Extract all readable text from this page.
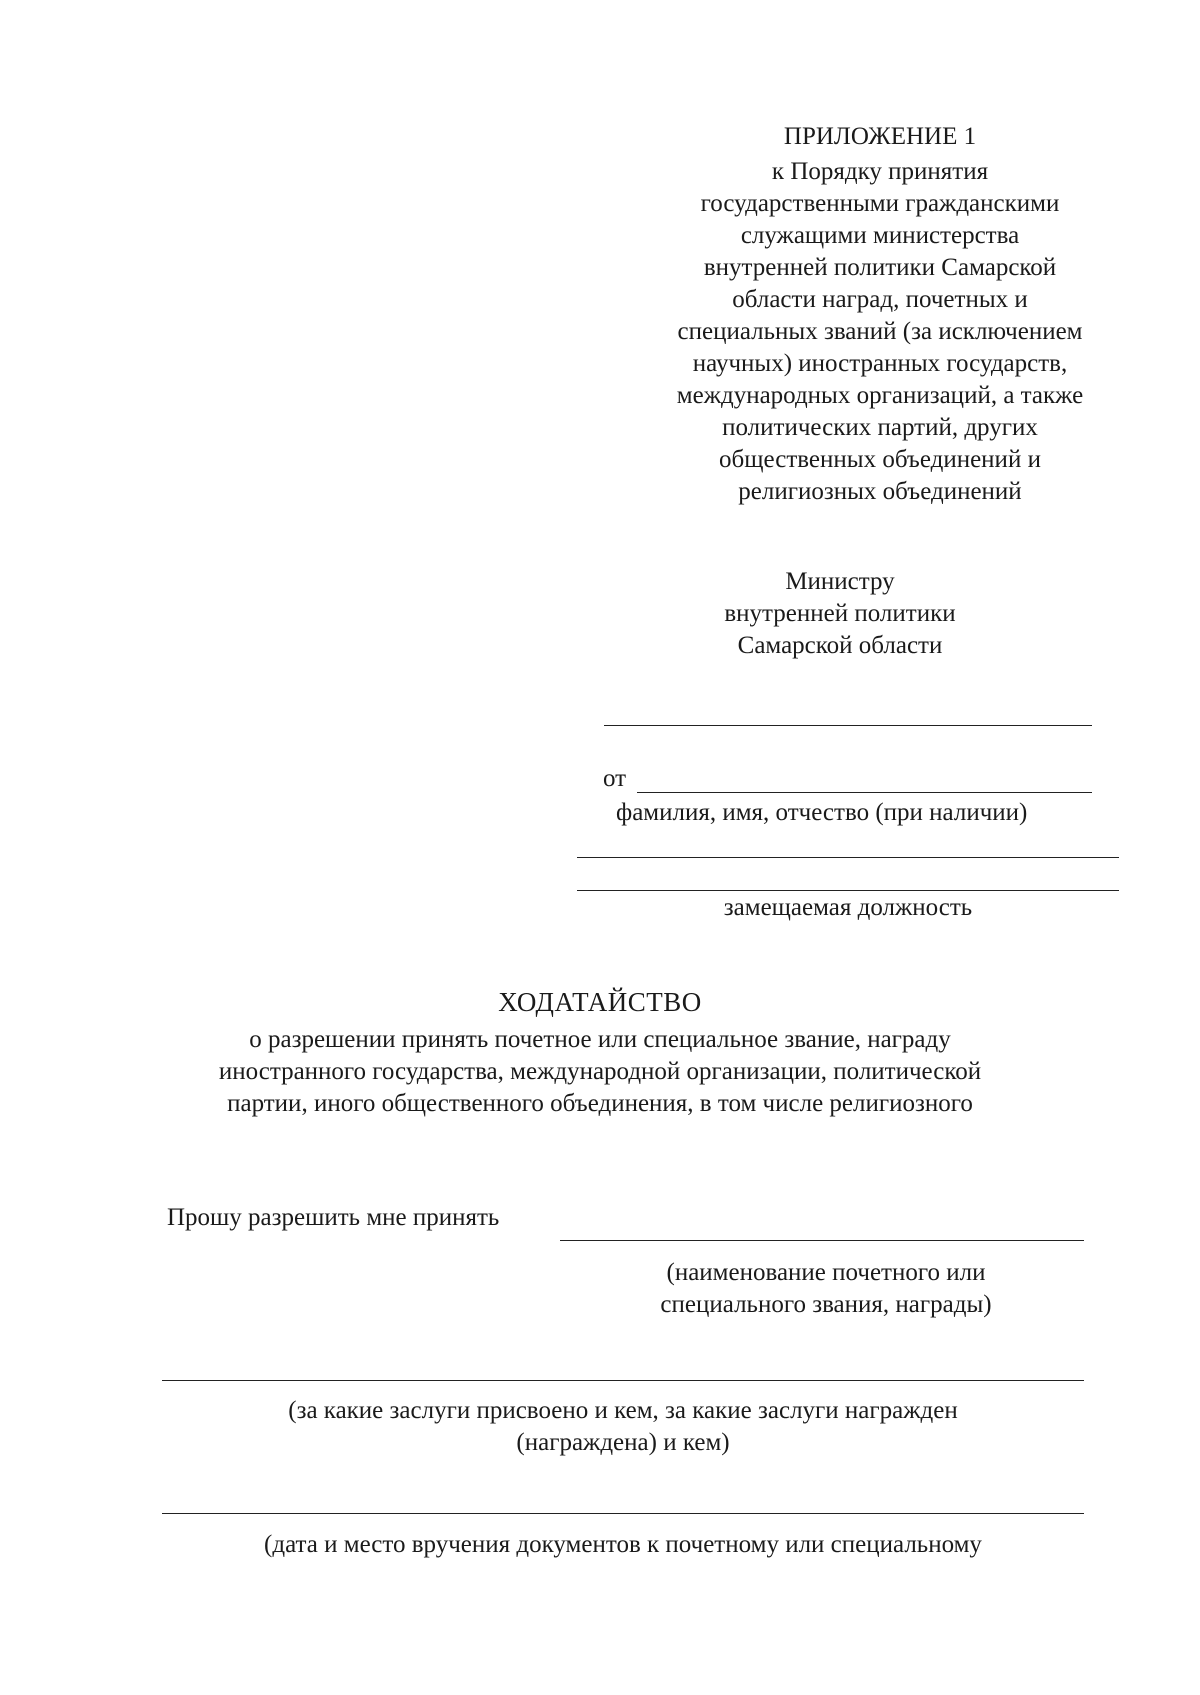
ПРИЛОЖЕНИЕ 1
к Порядку принятия
государственными гражданскими
служащими министерства
внутренней политики Самарской
области наград, почетных и
специальных званий (за исключением
научных) иностранных государств,
международных организаций, а также
политических партий, других
общественных объединений и
религиозных объединений
Министру
внутренней политики
Самарской области
от
фамилия, имя, отчество (при наличии)
замещаемая должность
ХОДАТАЙСТВО
о разрешении принять почетное или специальное звание, награду
иностранного государства, международной организации, политической
партии, иного общественного объединения, в том числе религиозного
Прошу разрешить мне принять
(наименование почетного или
специального звания, награды)
(за какие заслуги присвоено и кем, за какие заслуги награжден
(награждена) и кем)
(дата и место вручения документов к почетному или специальному
